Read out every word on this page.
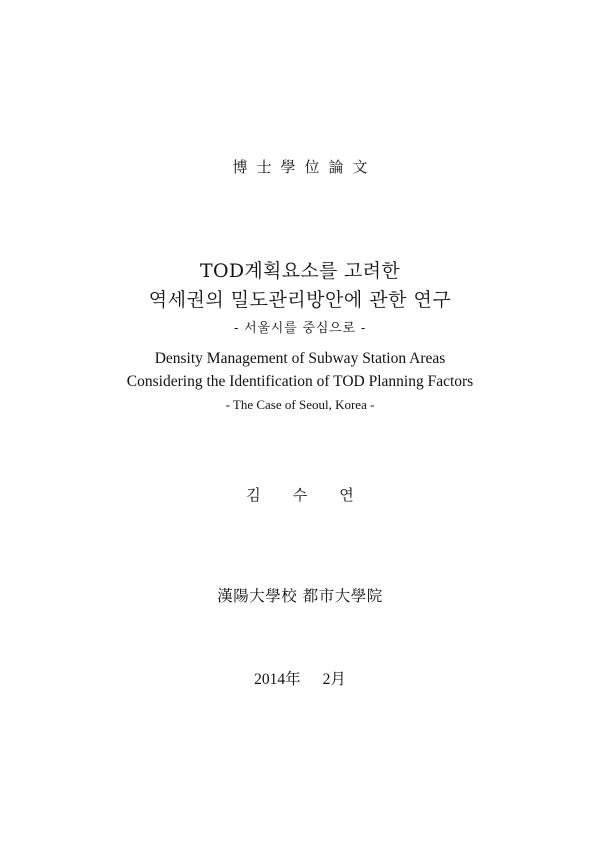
博士學位論文
TOD계획요소를 고려한
역세권의 밀도관리방안에 관한 연구
- 서울시를 중심으로 -
Density Management of Subway Station Areas
Considering the Identification of TOD Planning Factors
- The Case of Seoul, Korea -
김 수 연
漢陽大學校 都市大學院
2014年 2月
